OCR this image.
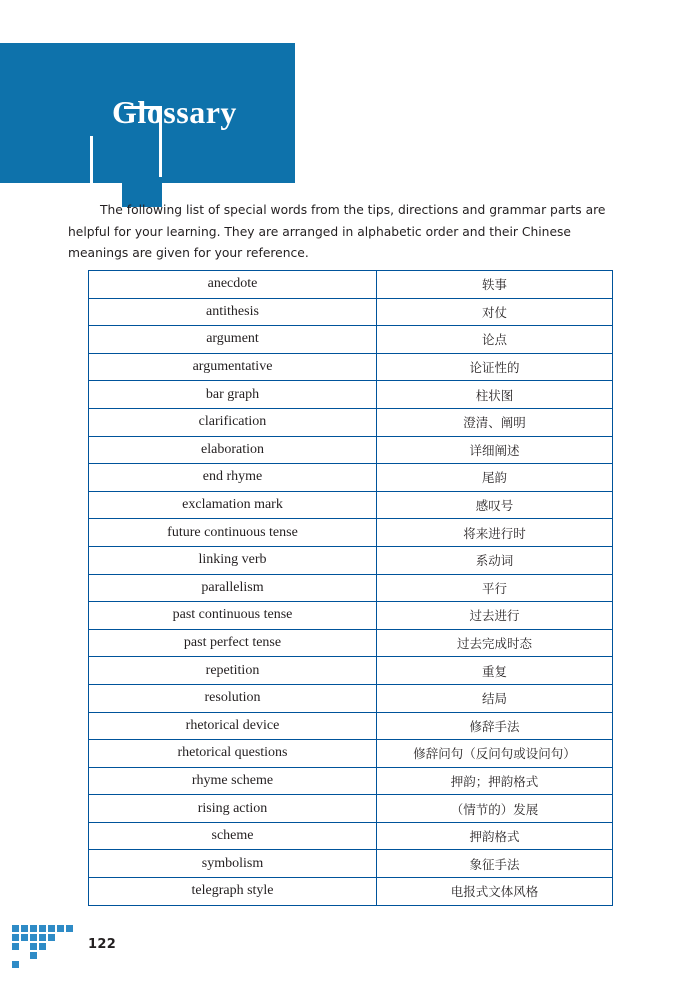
Glossary
The following list of special words from the tips, directions and grammar parts are helpful for your learning. They are arranged in alphabetic order and their Chinese meanings are given for your reference.
anecdote	轶事
antithesis	对仗
argument	论点
argumentative	论证性的
bar graph	柱状图
clarification	澄清、阐明
elaboration	详细阐述
end rhyme	尾韵
exclamation mark	感叹号
future continuous tense	将来进行时
linking verb	系动词
parallelism	平行
past continuous tense	过去进行
past perfect tense	过去完成时态
repetition	重复
resolution	结局
rhetorical device	修辞手法
rhetorical questions	修辞问句（反问句或设问句）
rhyme scheme	押韵；押韵格式
rising action	（情节的）发展
scheme	押韵格式
symbolism	象征手法
telegraph style	电报式文体风格
122
